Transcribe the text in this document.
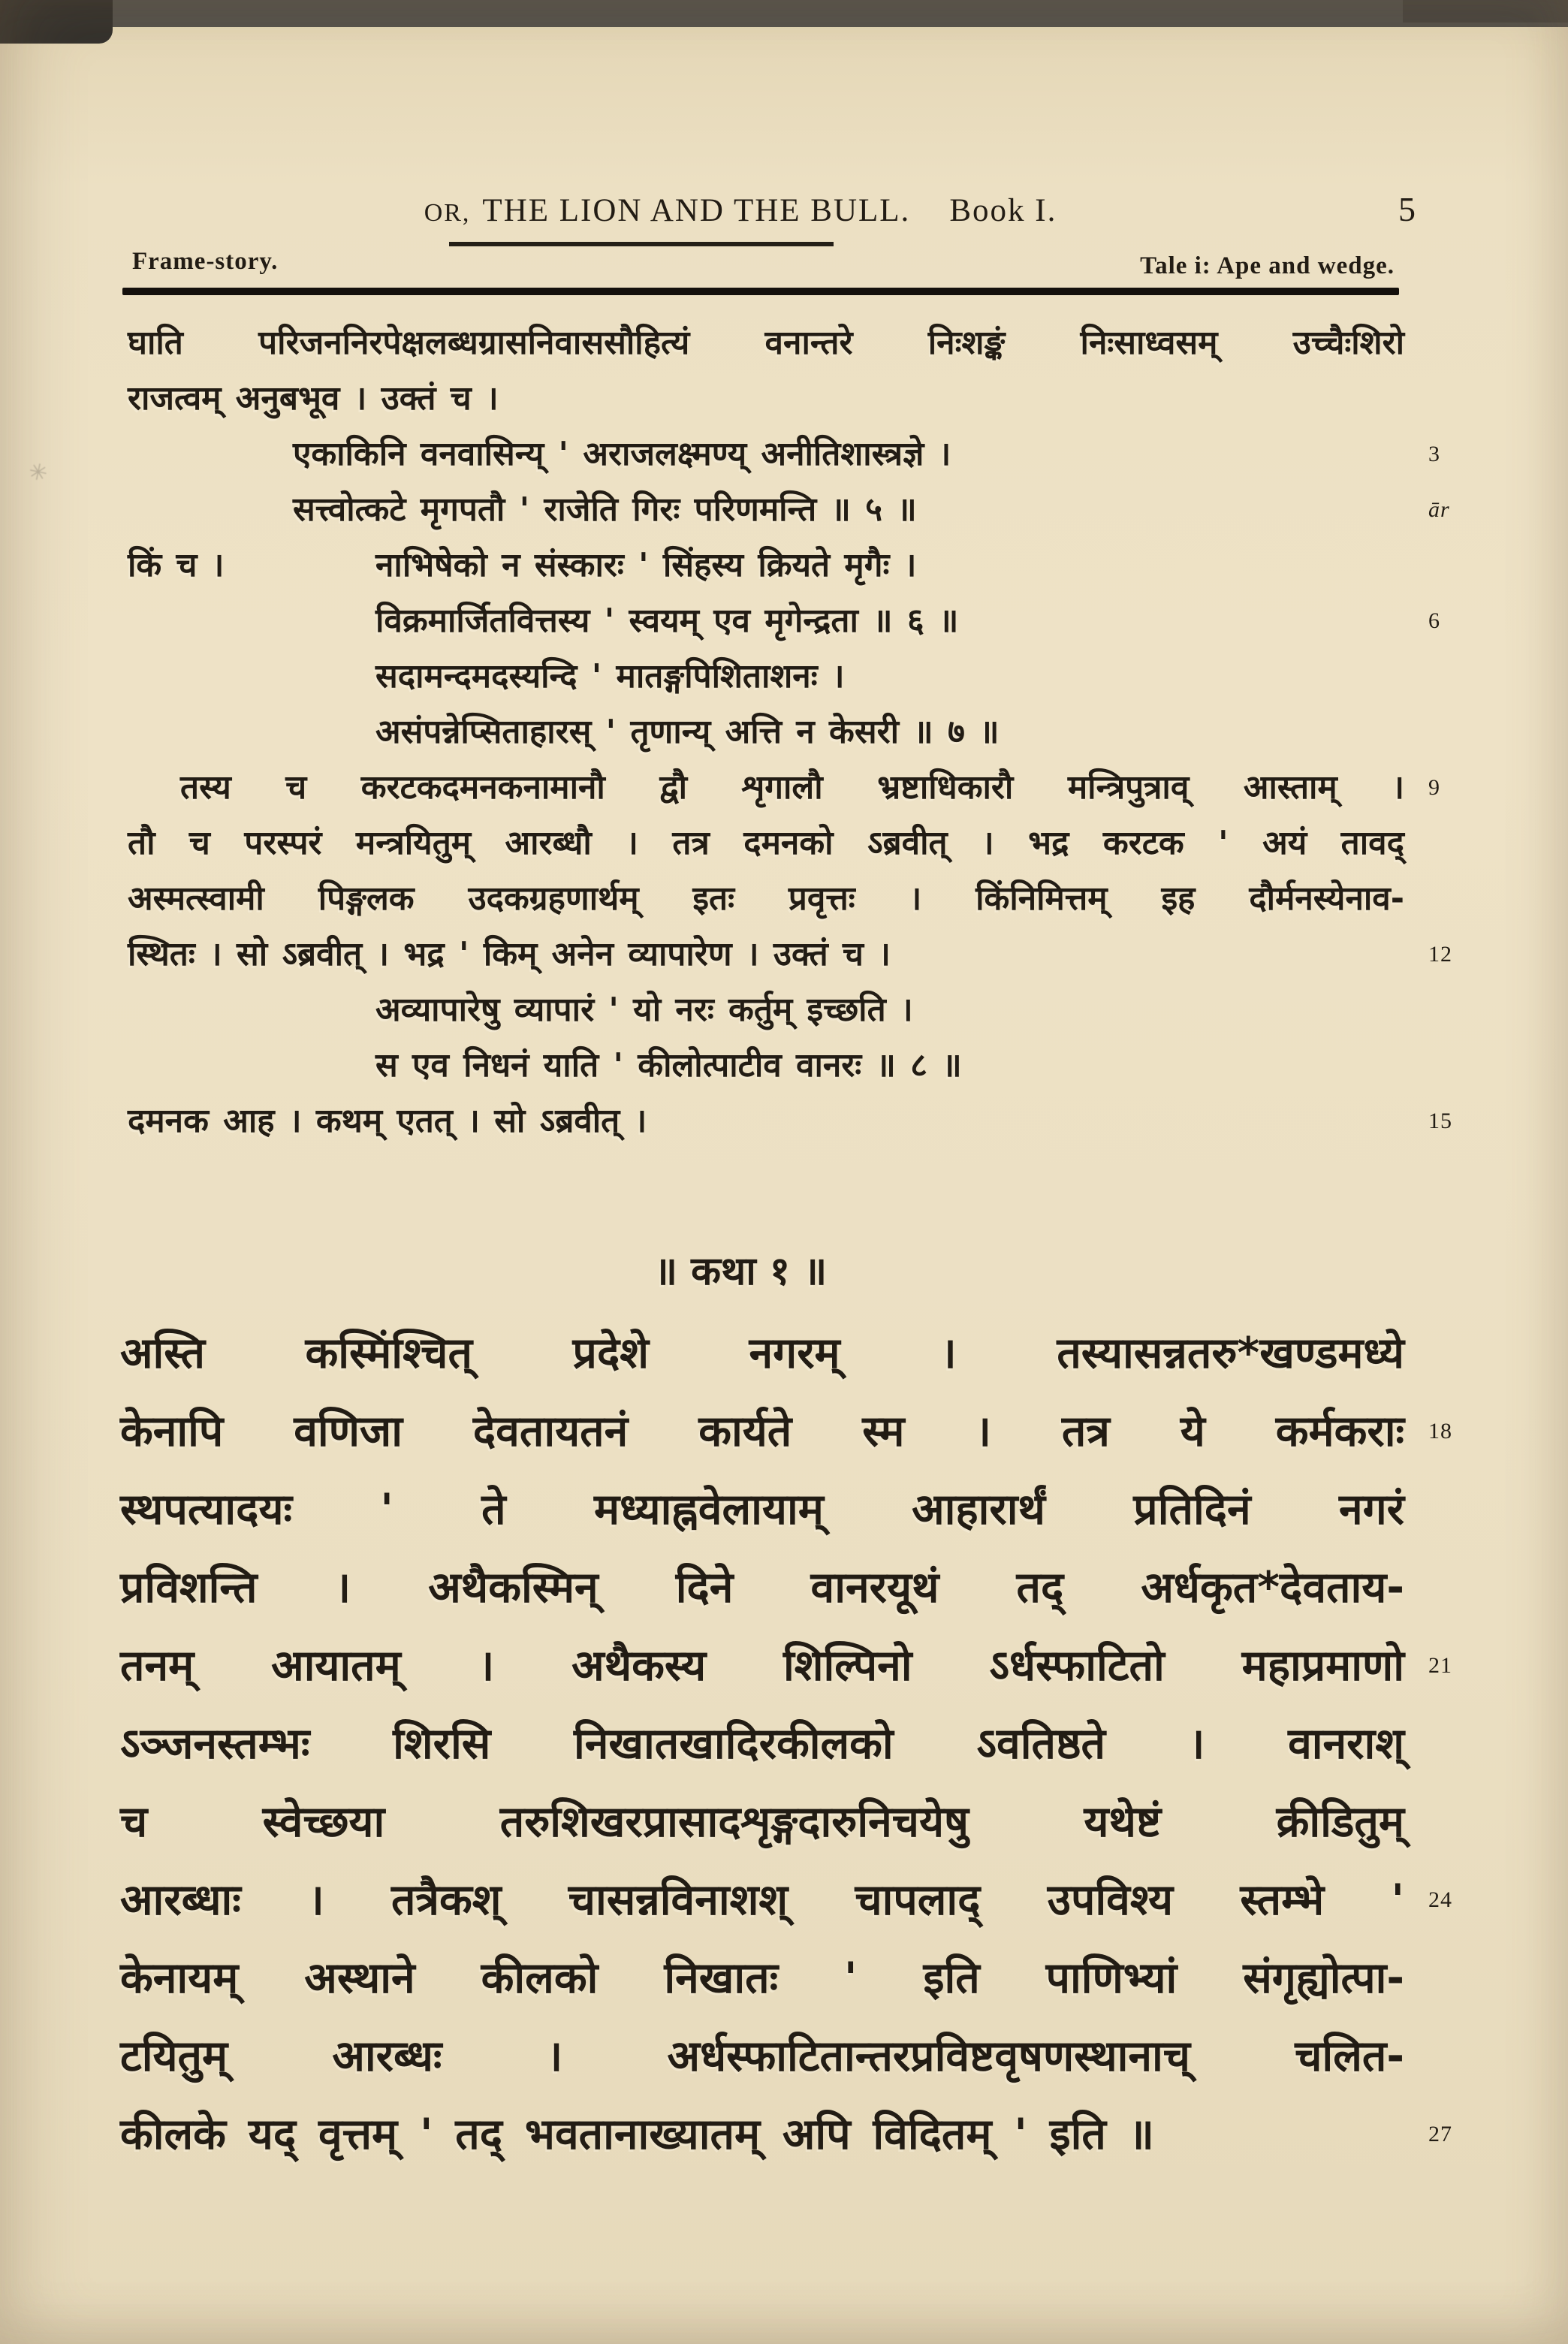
OR, THE LION AND THE BULL. Book I.	5
Frame-story.	Tale i: Ape and wedge.
✳
घाति परिजननिरपेक्षलब्धग्रासनिवाससौहित्यं वनान्तरे निःशङ्कं निःसाध्वसम् उच्चैःशिरो
राजत्वम् अनुबभूव । उक्तं च ।
एकाकिनि वनवासिन्य् ' अराजलक्ष्मण्य् अनीतिशास्त्रज्ञे ।	3
सत्त्वोत्कटे मृगपतौ ' राजेति गिरः परिणमन्ति ॥ ५ ॥	ār
किं च ।	नाभिषेको न संस्कारः ' सिंहस्य क्रियते मृगैः ।
विक्रमार्जितवित्तस्य ' स्वयम् एव मृगेन्द्रता ॥ ६ ॥	6
सदामन्दमदस्यन्दि ' मातङ्गपिशिताशनः ।
असंपन्नेप्सिताहारस् ' तृणान्य् अत्ति न केसरी ॥ ७ ॥
तस्य च करटकदमनकनामानौ द्वौ शृगालौ भ्रष्टाधिकारौ मन्त्रिपुत्राव् आस्ताम् । 9
तौ च परस्परं मन्त्रयितुम् आरब्धौ । तत्र दमनको ऽब्रवीत् । भद्र करटक ' अयं तावद्
अस्मत्स्वामी पिङ्गलक उदकग्रहणार्थम् इतः प्रवृत्तः । किंनिमित्तम् इह दौर्मनस्येनाव-
स्थितः । सो ऽब्रवीत् । भद्र ' किम् अनेन व्यापारेण । उक्तं च ।	12
अव्यापारेषु व्यापारं ' यो नरः कर्तुम् इच्छति ।
स एव निधनं याति ' कीलोत्पाटीव वानरः ॥ ८ ॥
दमनक आह । कथम् एतत् । सो ऽब्रवीत् ।	15
॥ कथा १ ॥
अस्ति कस्मिंश्चित् प्रदेशे नगरम् । तस्यासन्नतरु*खण्डमध्ये
केनापि वणिजा देवतायतनं कार्यते स्म । तत्र ये कर्मकराः 18
स्थपत्यादयः ' ते मध्याह्नवेलायाम् आहारार्थं प्रतिदिनं नगरं
प्रविशन्ति । अथैकस्मिन् दिने वानरयूथं तद् अर्धकृत*देवताय-
तनम् आयातम् । अथैकस्य शिल्पिनो ऽर्धस्फाटितो महाप्रमाणो 21
ऽञ्जनस्तम्भः शिरसि निखातखादिरकीलको ऽवतिष्ठते । वानराश्
च स्वेच्छया तरुशिखरप्रासादशृङ्गदारुनिचयेषु यथेष्टं क्रीडितुम्
आरब्धाः । तत्रैकश् चासन्नविनाशश् चापलाद् उपविश्य स्तम्भे ' 24
केनायम् अस्थाने कीलको निखातः ' इति पाणिभ्यां संगृह्योत्पा-
टयितुम् आरब्धः । अर्धस्फाटितान्तरप्रविष्टवृषणस्थानाच् चलित-
कीलके यद् वृत्तम् ' तद् भवतानाख्यातम् अपि विदितम् ' इति ॥	27
